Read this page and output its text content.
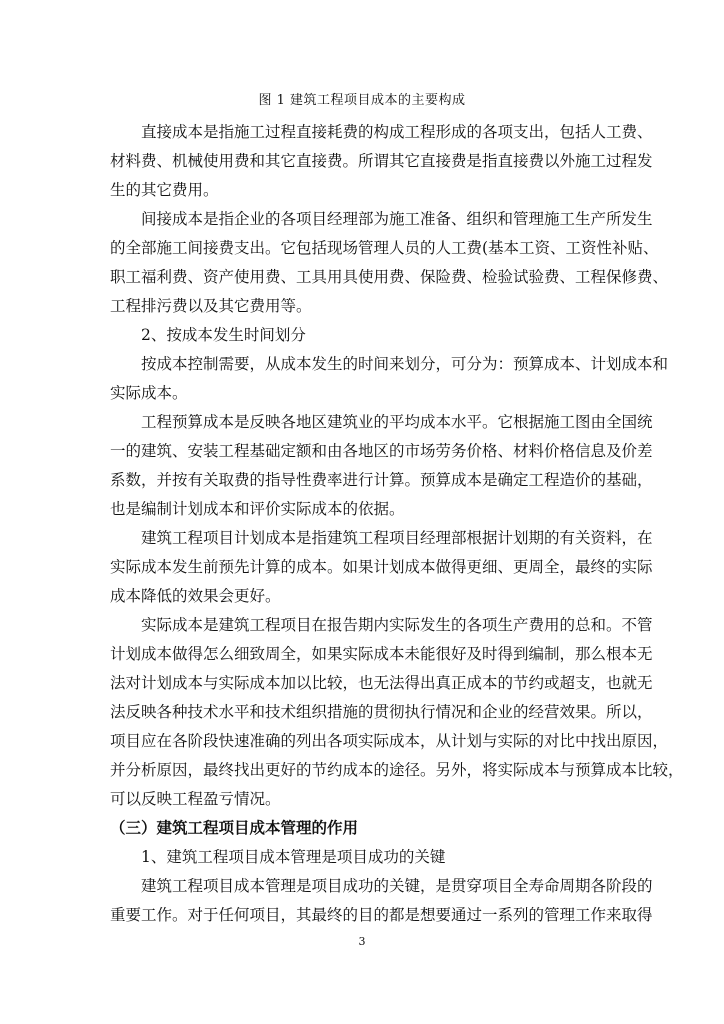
图 1 建筑工程项目成本的主要构成
直接成本是指施工过程直接耗费的构成工程形成的各项支出，包括人工费、
材料费、机械使用费和其它直接费。所谓其它直接费是指直接费以外施工过程发
生的其它费用。
间接成本是指企业的各项目经理部为施工准备、组织和管理施工生产所发生
的全部施工间接费支出。它包括现场管理人员的人工费(基本工资、工资性补贴、
职工福利费、资产使用费、工具用具使用费、保险费、检验试验费、工程保修费、
工程排污费以及其它费用等。
2、按成本发生时间划分
按成本控制需要，从成本发生的时间来划分，可分为：预算成本、计划成本和
实际成本。
工程预算成本是反映各地区建筑业的平均成本水平。它根据施工图由全国统
一的建筑、安装工程基础定额和由各地区的市场劳务价格、材料价格信息及价差
系数，并按有关取费的指导性费率进行计算。预算成本是确定工程造价的基础，
也是编制计划成本和评价实际成本的依据。
建筑工程项目计划成本是指建筑工程项目经理部根据计划期的有关资料，在
实际成本发生前预先计算的成本。如果计划成本做得更细、更周全，最终的实际
成本降低的效果会更好。
实际成本是建筑工程项目在报告期内实际发生的各项生产费用的总和。不管
计划成本做得怎么细致周全，如果实际成本未能很好及时得到编制，那么根本无
法对计划成本与实际成本加以比较，也无法得出真正成本的节约或超支，也就无
法反映各种技术水平和技术组织措施的贯彻执行情况和企业的经营效果。所以，
项目应在各阶段快速准确的列出各项实际成本，从计划与实际的对比中找出原因，
并分析原因，最终找出更好的节约成本的途径。另外，将实际成本与预算成本比较，
可以反映工程盈亏情况。
（三）建筑工程项目成本管理的作用
1、建筑工程项目成本管理是项目成功的关键
建筑工程项目成本管理是项目成功的关键，是贯穿项目全寿命周期各阶段的
重要工作。对于任何项目，其最终的目的都是想要通过一系列的管理工作来取得
3
